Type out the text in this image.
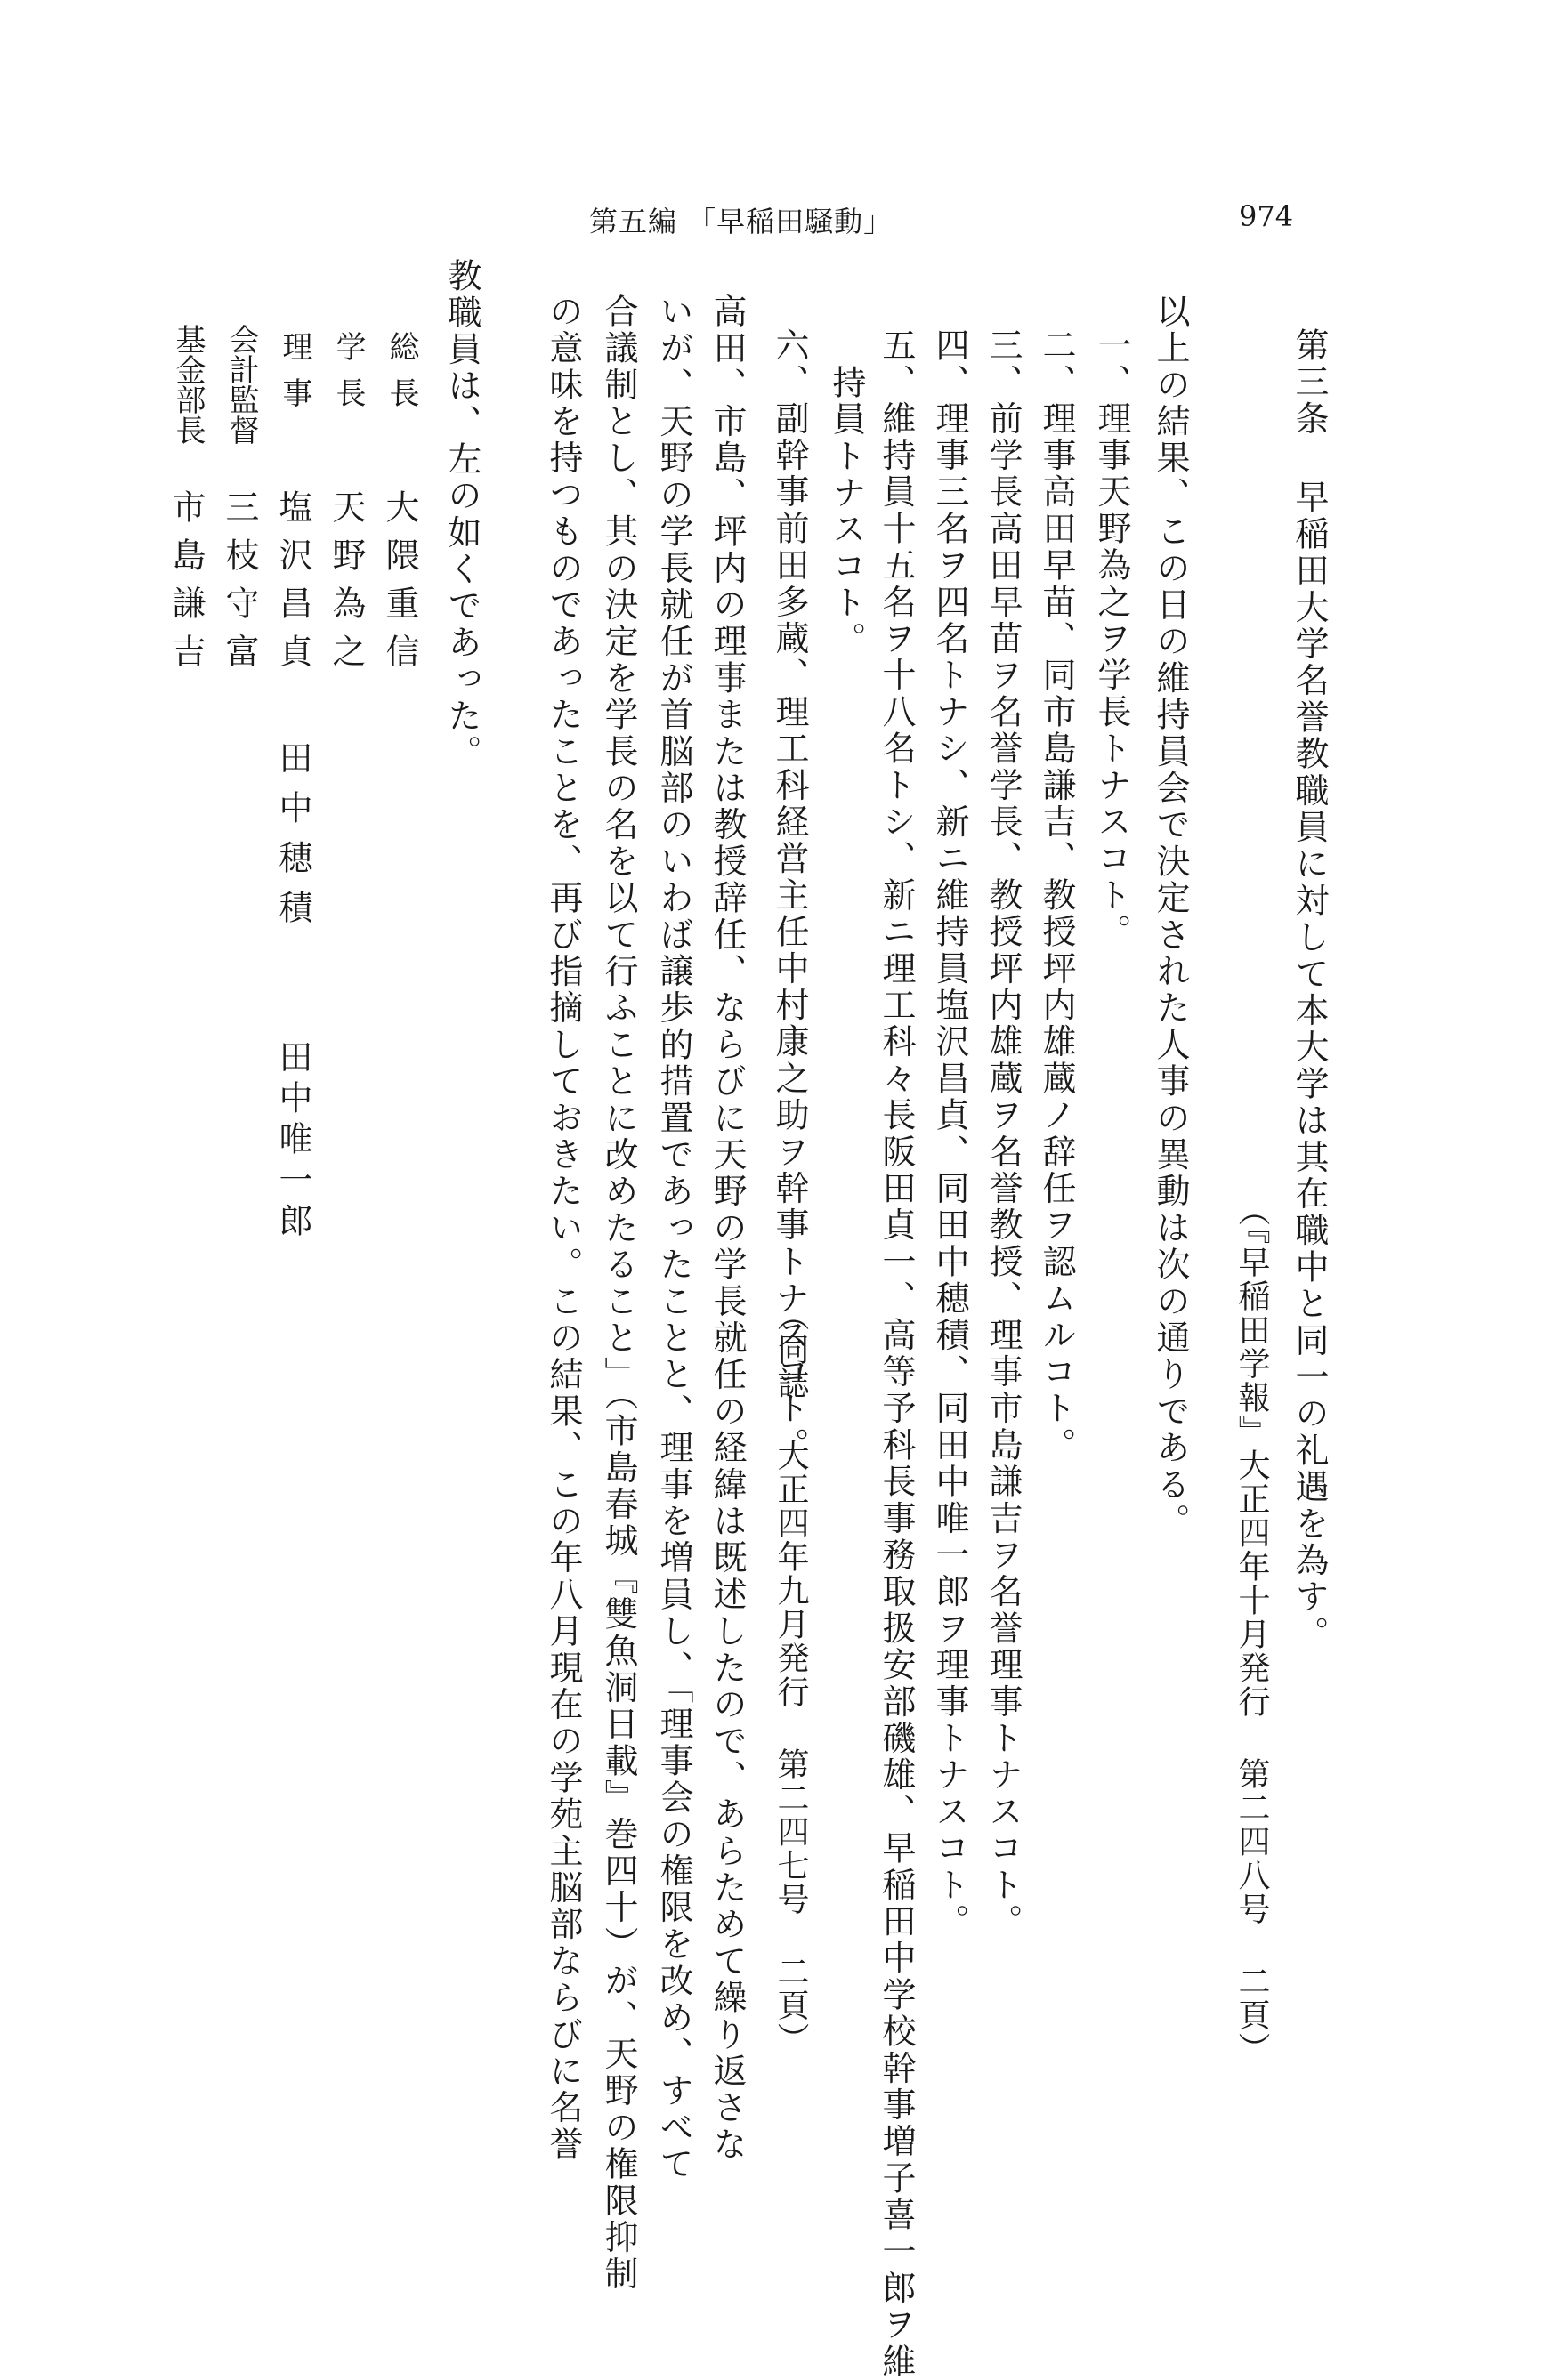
第五編 「早稲田騒動」	974
第三条 早稲田大学名誉教職員に対して本大学は其在職中と同一の礼遇を為す。
（『早稲田学報』大正四年十月発行 第二四八号 二頁）
以上の結果、この日の維持員会で決定された人事の異動は次の通りである。
一、理事天野為之ヲ学長トナスコト。
二、理事高田早苗、同市島謙吉、教授坪内雄蔵ノ辞任ヲ認ムルコト。
三、前学長高田早苗ヲ名誉学長、教授坪内雄蔵ヲ名誉教授、理事市島謙吉ヲ名誉理事トナスコト。
四、理事三名ヲ四名トナシ、新ニ維持員塩沢昌貞、同田中穂積、同田中唯一郎ヲ理事トナスコト。
五、維持員十五名ヲ十八名トシ、新ニ理工科々長阪田貞一、高等予科長事務取扱安部磯雄、早稲田中学校幹事増子喜一郎ヲ維
持員トナスコト。
六、副幹事前田多蔵、理工科経営主任中村康之助ヲ幹事トナスコト。
（同誌 大正四年九月発行 第二四七号 二頁）
高田、市島、坪内の理事または教授辞任、ならびに天野の学長就任の経緯は既述したので、あらためて繰り返さな
いが、天野の学長就任が首脳部のいわば譲歩的措置であったことと、理事を増員し、「理事会の権限を改め、すべて
合議制とし、其の決定を学長の名を以て行ふことに改めたること」（市島春城『雙魚洞日載』巻四十）が、天野の権限抑制
の意味を持つものであったことを、再び指摘しておきたい。この結果、この年八月現在の学苑主脳部ならびに名誉
教職員は、左の如くであった。
総長
大隈重信
学長
天野為之
理事
塩沢昌貞
田中穂積
田中唯一郎
会計監督
三枝守富
基金部長
市島謙吉
